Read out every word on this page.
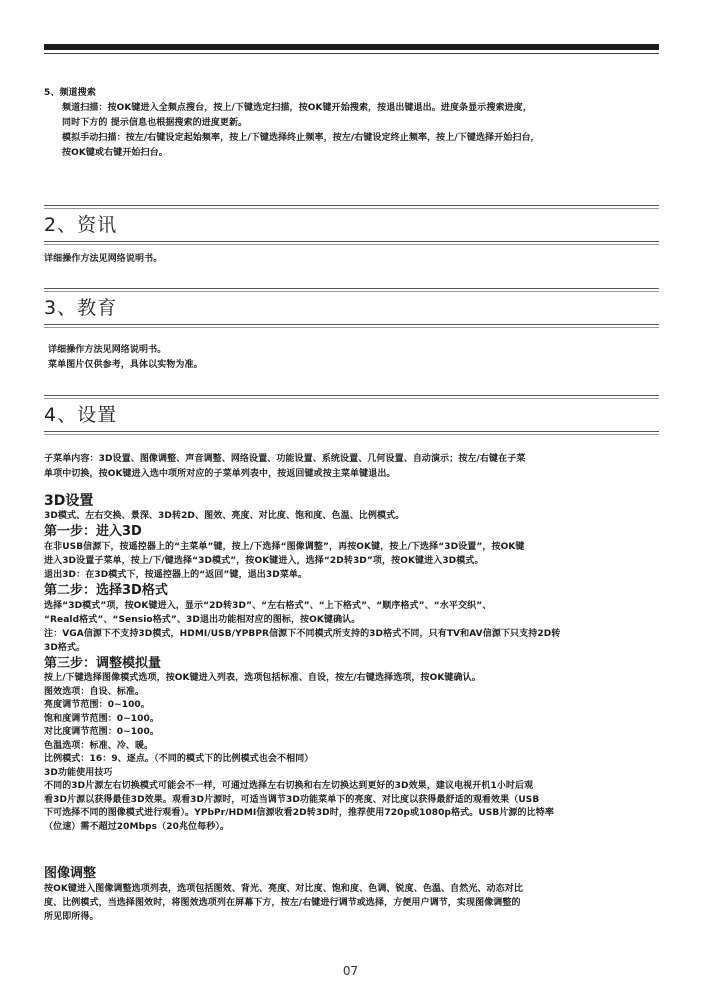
5、频道搜索

频道扫描：按OK键进入全频点搜台，按上/下键选定扫描，按OK键开始搜索，按退出键退出。进度条显示搜索进度，

同时下方的 提示信息也根据搜索的进度更新。

模拟手动扫描：按左/右键设定起始频率，按上/下键选择终止频率，按左/右键设定终止频率，按上/下键选择开始扫台，

按OK键或右键开始扫台。

2、资讯

详细操作方法见网络说明书。

3、教育

详细操作方法见网络说明书。

菜单图片仅供参考，具体以实物为准。

4、设置

子菜单内容：3D设置、图像调整、声音调整、网络设置、功能设置、系统设置、几何设置、自动演示；按左/右键在子菜

单项中切换，按OK键进入选中项所对应的子菜单列表中，按返回键或按主菜单键退出。

3D设置

3D模式、左右交换、景深、3D转2D、图效、亮度、对比度、饱和度、色温、比例模式。

第一步：进入3D

在非USB信源下，按遥控器上的“主菜单”键，按上/下选择“图像调整”，再按OK键，按上/下选择“3D设置”，按OK键

进入3D设置子菜单，按上/下/键选择“3D模式”，按OK键进入，选择“2D转3D”项，按OK键进入3D模式。

退出3D：在3D模式下，按遥控器上的“返回”键，退出3D菜单。

第二步：选择3D格式

选择“3D模式”项，按OK键进入，显示“2D转3D”、“左右格式”、“上下格式”、“顺序格式”、“水平交织”、

“Reald格式”、“Sensio格式”、3D退出功能相对应的图标，按OK键确认。

注：VGA信源下不支持3D模式，HDMI/USB/YPBPR信源下不同模式所支持的3D格式不同，只有TV和AV信源下只支持2D转

3D格式。

第三步：调整模拟量

按上/下键选择图像模式选项，按OK键进入列表，选项包括标准、自设，按左/右键选择选项，按OK键确认。

图效选项：自设、标准。

亮度调节范围：0~100。

饱和度调节范围：0~100。

对比度调节范围：0~100。

色温选项：标准、冷、暖。

比例模式：16：9、逐点。（不同的模式下的比例模式也会不相同）

3D功能使用技巧

不同的3D片源左右切换模式可能会不一样，可通过选择左右切换和右左切换达到更好的3D效果，建议电视开机1小时后观

看3D片源以获得最佳3D效果。观看3D片源时，可适当调节3D功能菜单下的亮度、对比度以获得最舒适的观看效果（USB

下可选择不同的图像模式进行观看）。YPbPr/HDMI信源收看2D转3D时，推荐使用720p或1080p格式。USB片源的比特率

（位速）需不超过20Mbps（20兆位每秒）。

图像调整

按OK键进入图像调整选项列表，选项包括图效、背光、亮度、对比度、饱和度、色调、锐度、色温、自然光、动态对比

度、比例模式，当选择图效时，将图效选项列在屏幕下方，按左/右键进行调节或选择，方便用户调节，实现图像调整的

所见即所得。

07
